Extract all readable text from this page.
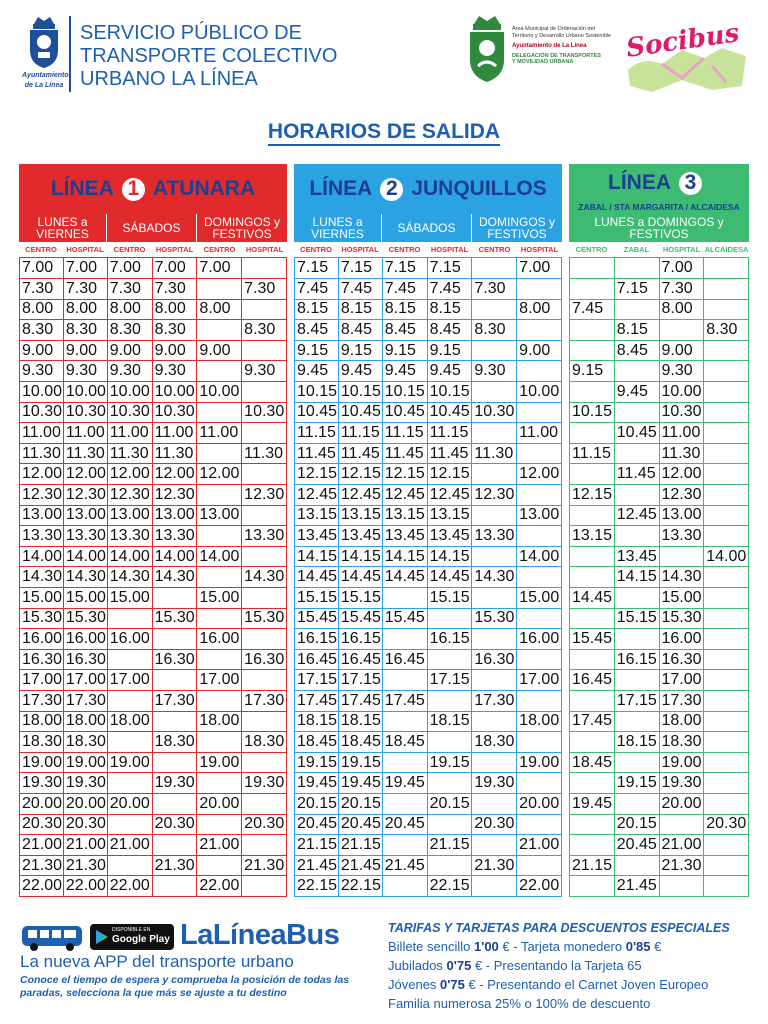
Ayuntamiento
de La Línea
SERVICIO PÚBLICO DE
TRANSPORTE COLECTIVO
URBANO LA LÍNEA
Área Municipal de Ordenación del
Territorio y Desarrollo Urbano Sostenible
Ayuntamiento de La Línea
DELEGACIÓN DE TRANSPORTES
Y MOVILIDAD URBANA	Socibus
HORARIOS DE SALIDA
LÍNEA 1 ATUNARA
LUNES a VIERNES	SÁBADOS	DOMINGOS y FESTIVOS
CENTRO	HOSPITAL	CENTRO	HOSPITAL	CENTRO	HOSPITAL
7.00	7.00	7.00	7.00	7.00	
7.30	7.30	7.30	7.30		7.30
8.00	8.00	8.00	8.00	8.00	
8.30	8.30	8.30	8.30		8.30
9.00	9.00	9.00	9.00	9.00	
9.30	9.30	9.30	9.30		9.30
10.00	10.00	10.00	10.00	10.00	
10.30	10.30	10.30	10.30		10.30
11.00	11.00	11.00	11.00	11.00	
11.30	11.30	11.30	11.30		11.30
12.00	12.00	12.00	12.00	12.00	
12.30	12.30	12.30	12.30		12.30
13.00	13.00	13.00	13.00	13.00	
13.30	13.30	13.30	13.30		13.30
14.00	14.00	14.00	14.00	14.00	
14.30	14.30	14.30	14.30		14.30
15.00	15.00	15.00		15.00	
15.30	15.30		15.30		15.30
16.00	16.00	16.00		16.00	
16.30	16.30		16.30		16.30
17.00	17.00	17.00		17.00	
17.30	17.30		17.30		17.30
18.00	18.00	18.00		18.00	
18.30	18.30		18.30		18.30
19.00	19.00	19.00		19.00	
19.30	19.30		19.30		19.30
20.00	20.00	20.00		20.00	
20.30	20.30		20.30		20.30
21.00	21.00	21.00		21.00	
21.30	21.30		21.30		21.30
22.00	22.00	22.00		22.00	
LÍNEA 2 JUNQUILLOS
LUNES a VIERNES	SÁBADOS	DOMINGOS y FESTIVOS
CENTRO	HOSPITAL	CENTRO	HOSPITAL	CENTRO	HOSPITAL
7.15	7.15	7.15	7.15		7.00
7.45	7.45	7.45	7.45	7.30	
8.15	8.15	8.15	8.15		8.00
8.45	8.45	8.45	8.45	8.30	
9.15	9.15	9.15	9.15		9.00
9.45	9.45	9.45	9.45	9.30	
10.15	10.15	10.15	10.15		10.00
10.45	10.45	10.45	10.45	10.30	
11.15	11.15	11.15	11.15		11.00
11.45	11.45	11.45	11.45	11.30	
12.15	12.15	12.15	12.15		12.00
12.45	12.45	12.45	12.45	12.30	
13.15	13.15	13.15	13.15		13.00
13.45	13.45	13.45	13.45	13.30	
14.15	14.15	14.15	14.15		14.00
14.45	14.45	14.45	14.45	14.30	
15.15	15.15		15.15		15.00
15.45	15.45	15.45		15.30	
16.15	16.15		16.15		16.00
16.45	16.45	16.45		16.30	
17.15	17.15		17.15		17.00
17.45	17.45	17.45		17.30	
18.15	18.15		18.15		18.00
18.45	18.45	18.45		18.30	
19.15	19.15		19.15		19.00
19.45	19.45	19.45		19.30	
20.15	20.15		20.15		20.00
20.45	20.45	20.45		20.30	
21.15	21.15		21.15		21.00
21.45	21.45	21.45		21.30	
22.15	22.15		22.15		22.00
LÍNEA 3
ZABAL / STA MARGARITA / ALCAIDESA
LUNES a DOMINGOS y FESTIVOS
CENTRO	ZABAL	HOSPITAL ALCAIDESA
		7.00	
	7.15	7.30	
7.45		8.00	
	8.15		8.30
	8.45	9.00	
9.15		9.30	
	9.45	10.00	
10.15		10.30	
	10.45	11.00	
11.15		11.30	
	11.45	12.00	
12.15		12.30	
	12.45	13.00	
13.15		13.30	
	13.45		14.00
	14.15	14.30	
14.45		15.00	
	15.15	15.30	
15.45		16.00	
	16.15	16.30	
16.45		17.00	
	17.15	17.30	
17.45		18.00	
	18.15	18.30	
18.45		19.00	
	19.15	19.30	
19.45		20.00	
	20.15		20.30
	20.45	21.00	
21.15		21.30	
	21.45		
DISPONIBLE EN
Google Play LaLíneaBus
La nueva APP del transporte urbano
Conoce el tiempo de espera y comprueba la posición de todas las paradas, selecciona la que más se ajuste a tu destino
TARIFAS Y TARJETAS PARA DESCUENTOS ESPECIALES
Billete sencillo 1'00 € - Tarjeta monedero 0'85 €
Jubilados 0'75 € - Presentando la Tarjeta 65
Jóvenes 0'75 € - Presentando el Carnet Joven Europeo
Familia numerosa 25% o 100% de descuento
